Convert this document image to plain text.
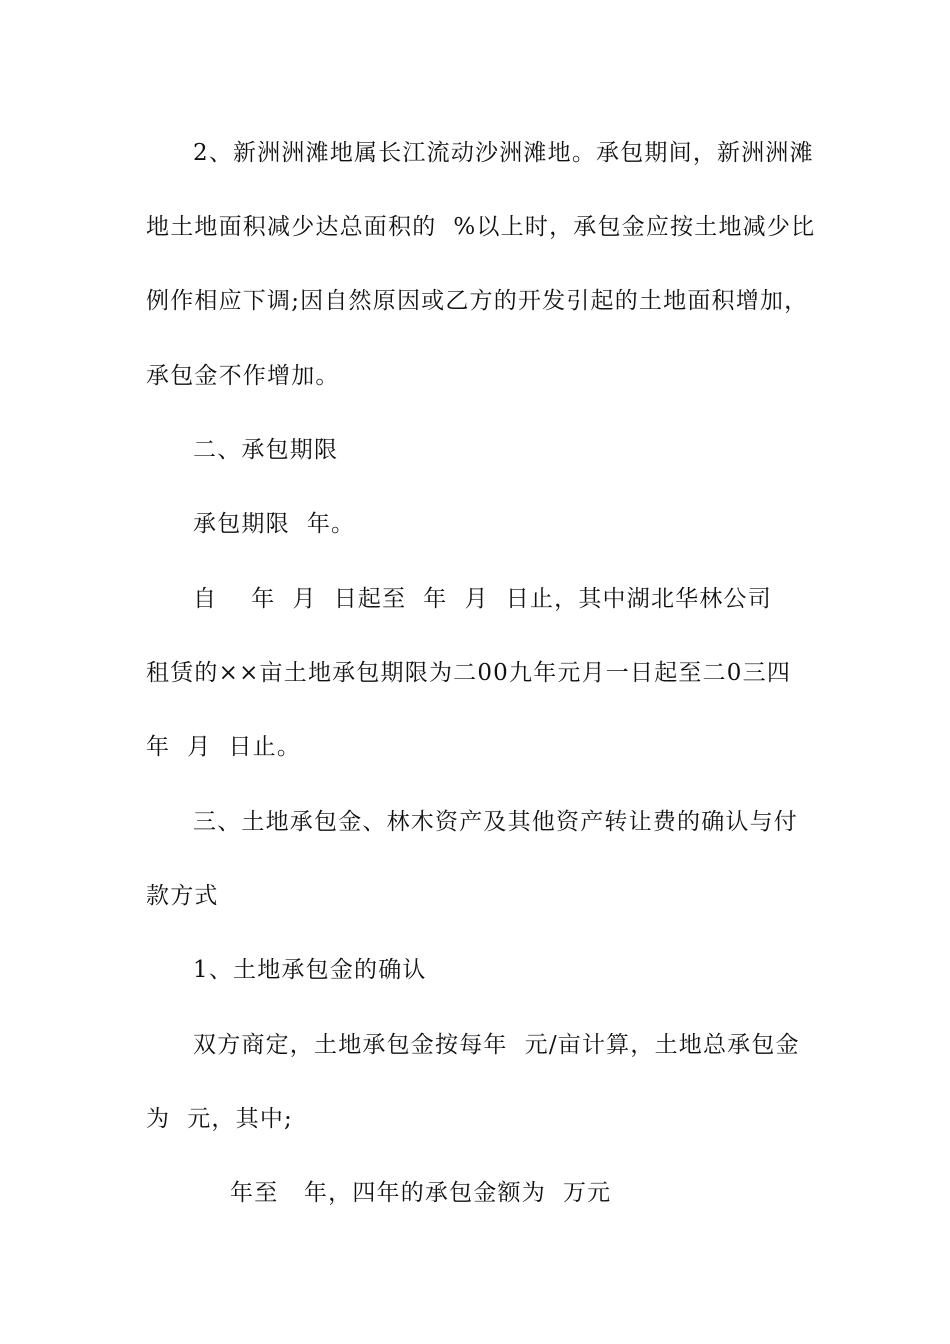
2、新洲洲滩地属长江流动沙洲滩地。承包期间，新洲洲滩
地土地面积减少达总面积的  %以上时，承包金应按土地减少比
例作相应下调;因自然原因或乙方的开发引起的土地面积增加，
承包金不作增加。
二、承包期限
承包期限  年。
自    年  月  日起至  年  月  日止，其中湖北华林公司
租赁的××亩土地承包期限为二00九年元月一日起至二0三四
年  月  日止。
三、土地承包金、林木资产及其他资产转让费的确认与付
款方式
1、土地承包金的确认
双方商定，土地承包金按每年  元/亩计算，土地总承包金
为  元，其中;
年至   年，四年的承包金额为  万元
